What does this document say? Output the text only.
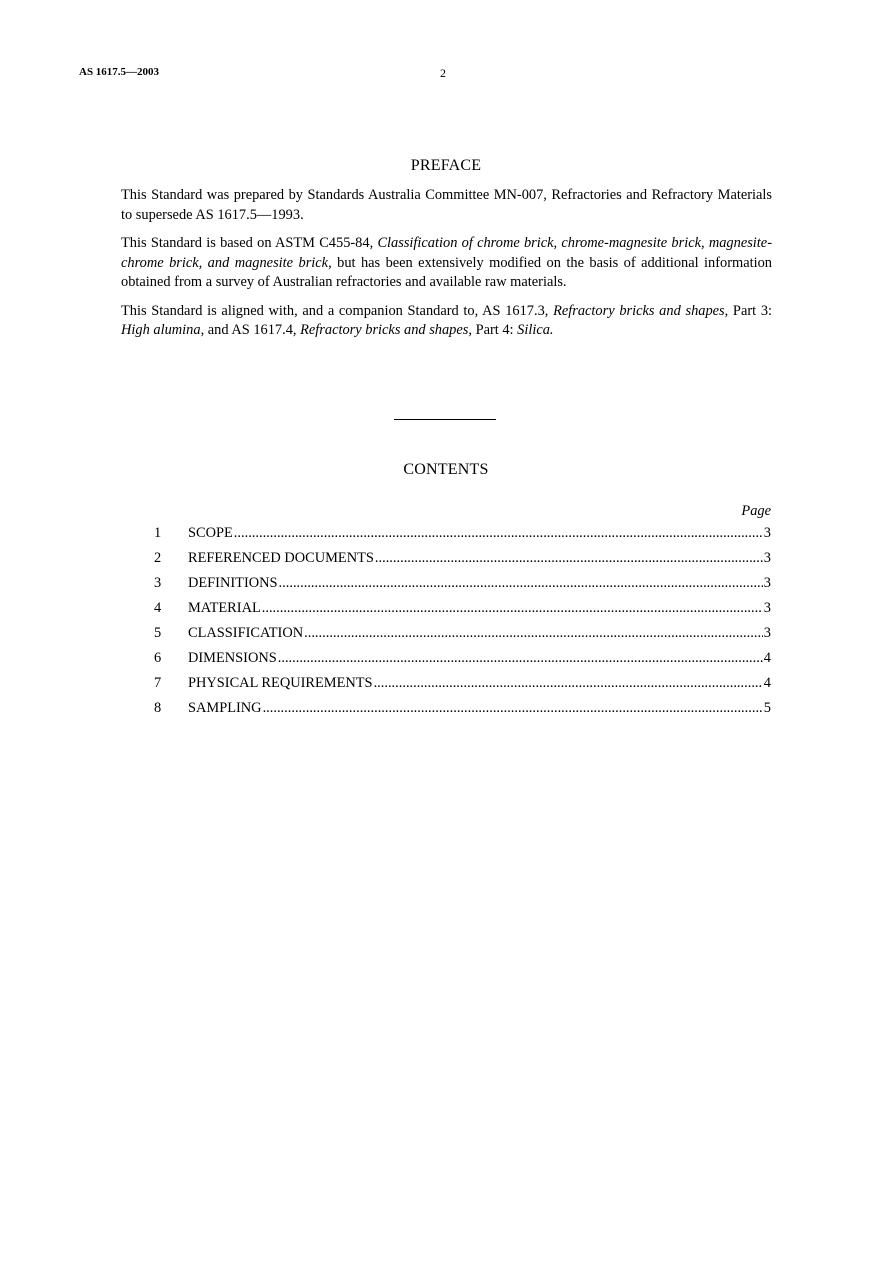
AS 1617.5—2003	2
PREFACE

This Standard was prepared by Standards Australia Committee MN-007, Refractories and Refractory Materials to supersede AS 1617.5—1993.

This Standard is based on ASTM C455-84, Classification of chrome brick, chrome-magnesite brick, magnesite-chrome brick, and magnesite brick, but has been extensively modified on the basis of additional information obtained from a survey of Australian refractories and available raw materials.

This Standard is aligned with, and a companion Standard to, AS 1617.3, Refractory bricks and shapes, Part 3: High alumina, and AS 1617.4, Refractory bricks and shapes, Part 4: Silica.

CONTENTS
Page
1	SCOPE .....	3
2	REFERENCED DOCUMENTS .....	3
3	DEFINITIONS .....	3
4	MATERIAL .....	3
5	CLASSIFICATION .....	3
6	DIMENSIONS .....	4
7	PHYSICAL REQUIREMENTS .....	4
8	SAMPLING .....	5
